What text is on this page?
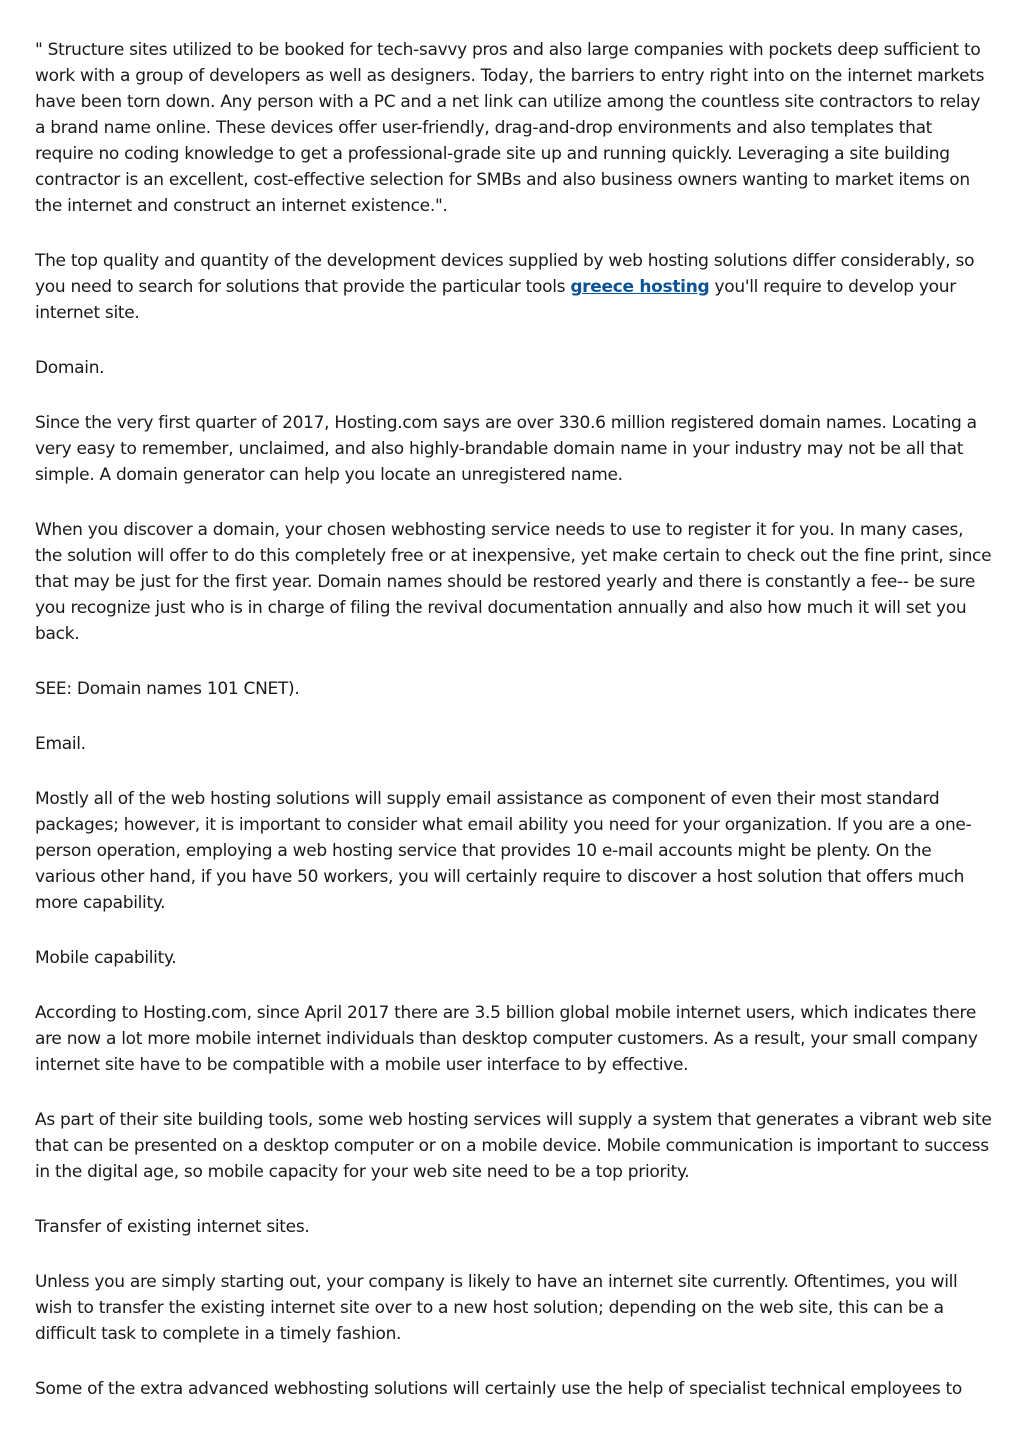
" Structure sites utilized to be booked for tech-savvy pros and also large companies with pockets deep sufficient to work with a group of developers as well as designers. Today, the barriers to entry right into on the internet markets have been torn down. Any person with a PC and a net link can utilize among the countless site contractors to relay a brand name online. These devices offer user-friendly, drag-and-drop environments and also templates that require no coding knowledge to get a professional-grade site up and running quickly. Leveraging a site building contractor is an excellent, cost-effective selection for SMBs and also business owners wanting to market items on the internet and construct an internet existence.".

The top quality and quantity of the development devices supplied by web hosting solutions differ considerably, so you need to search for solutions that provide the particular tools greece hosting you'll require to develop your internet site.

Domain.

Since the very first quarter of 2017, Hosting.com says are over 330.6 million registered domain names. Locating a very easy to remember, unclaimed, and also highly-brandable domain name in your industry may not be all that simple. A domain generator can help you locate an unregistered name.

When you discover a domain, your chosen webhosting service needs to use to register it for you. In many cases, the solution will offer to do this completely free or at inexpensive, yet make certain to check out the fine print, since that may be just for the first year. Domain names should be restored yearly and there is constantly a fee-- be sure you recognize just who is in charge of filing the revival documentation annually and also how much it will set you back.

SEE: Domain names 101 CNET).

Email.

Mostly all of the web hosting solutions will supply email assistance as component of even their most standard packages; however, it is important to consider what email ability you need for your organization. If you are a one-person operation, employing a web hosting service that provides 10 e-mail accounts might be plenty. On the various other hand, if you have 50 workers, you will certainly require to discover a host solution that offers much more capability.

Mobile capability.

According to Hosting.com, since April 2017 there are 3.5 billion global mobile internet users, which indicates there are now a lot more mobile internet individuals than desktop computer customers. As a result, your small company internet site have to be compatible with a mobile user interface to by effective.

As part of their site building tools, some web hosting services will supply a system that generates a vibrant web site that can be presented on a desktop computer or on a mobile device. Mobile communication is important to success in the digital age, so mobile capacity for your web site need to be a top priority.

Transfer of existing internet sites.

Unless you are simply starting out, your company is likely to have an internet site currently. Oftentimes, you will wish to transfer the existing internet site over to a new host solution; depending on the web site, this can be a difficult task to complete in a timely fashion.

Some of the extra advanced webhosting solutions will certainly use the help of specialist technical employees to
